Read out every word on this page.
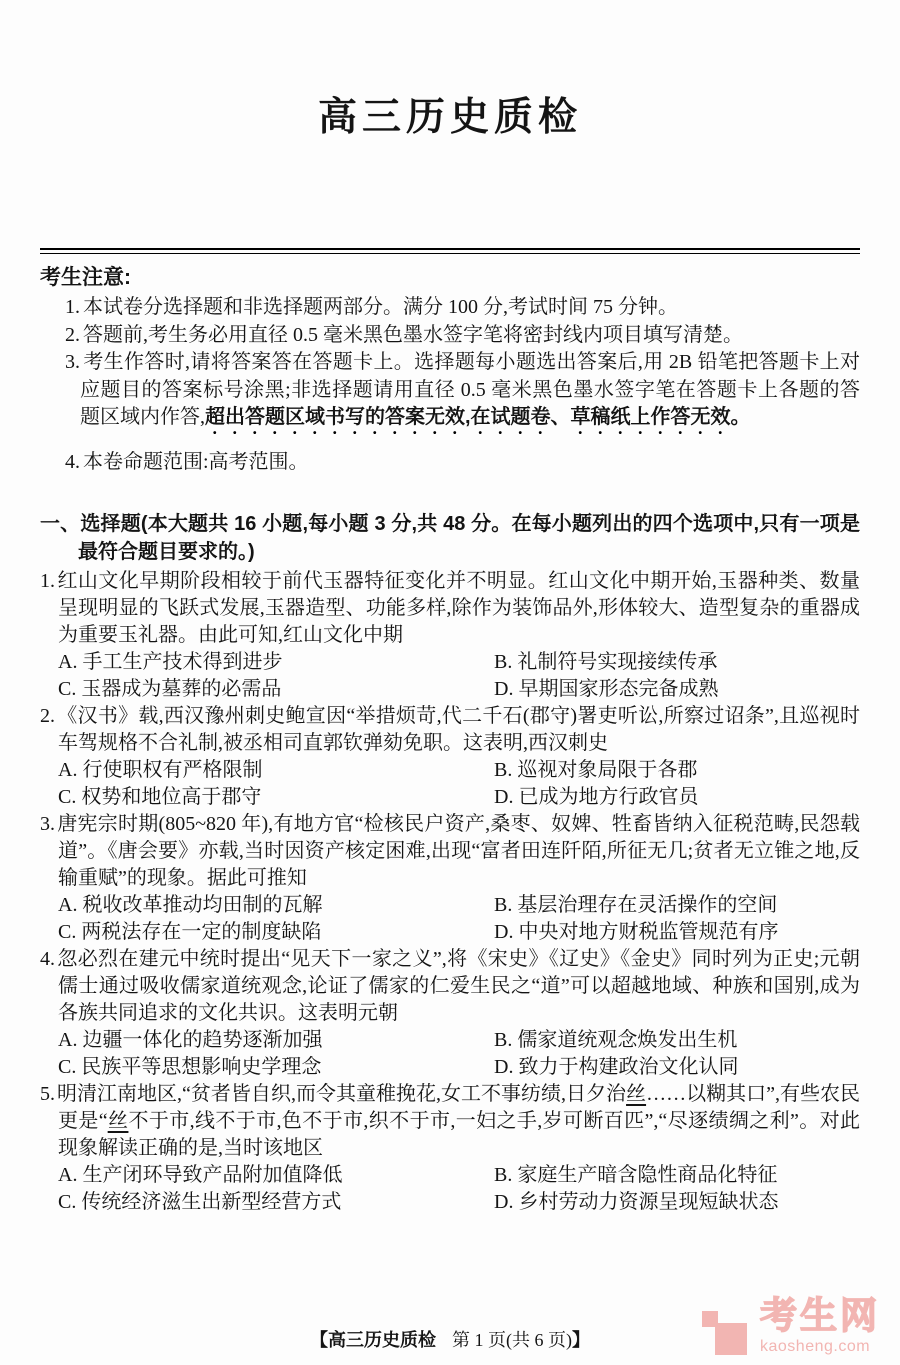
高三历史质检
考生注意:
1. 本试卷分选择题和非选择题两部分。满分 100 分,考试时间 75 分钟。
2. 答题前,考生务必用直径 0.5 毫米黑色墨水签字笔将密封线内项目填写清楚。
3. 考生作答时,请将答案答在答题卡上。选择题每小题选出答案后,用 2B 铅笔把答题卡上对应题目的答案标号涂黑;非选择题请用直径 0.5 毫米黑色墨水签字笔在答题卡上各题的答题区域内作答,超出答题区域书写的答案无效,在试题卷、草稿纸上作答无效。
4. 本卷命题范围:高考范围。
一、选择题(本大题共 16 小题,每小题 3 分,共 48 分。在每小题列出的四个选项中,只有一项是最符合题目要求的。)
1. 红山文化早期阶段相较于前代玉器特征变化并不明显。红山文化中期开始,玉器种类、数量呈现明显的飞跃式发展,玉器造型、功能多样,除作为装饰品外,形体较大、造型复杂的重器成为重要玉礼器。由此可知,红山文化中期
A. 手工生产技术得到进步	B. 礼制符号实现接续传承
C. 玉器成为墓葬的必需品	D. 早期国家形态完备成熟
2. 《汉书》载,西汉豫州刺史鲍宣因“举措烦苛,代二千石(郡守)署吏听讼,所察过诏条”,且巡视时车驾规格不合礼制,被丞相司直郭钦弹劾免职。这表明,西汉刺史
A. 行使职权有严格限制	B. 巡视对象局限于各郡
C. 权势和地位高于郡守	D. 已成为地方行政官员
3. 唐宪宗时期(805~820 年),有地方官“检核民户资产,桑枣、奴婢、牲畜皆纳入征税范畴,民怨载道”。《唐会要》亦载,当时因资产核定困难,出现“富者田连阡陌,所征无几;贫者无立锥之地,反输重赋”的现象。据此可推知
A. 税收改革推动均田制的瓦解	B. 基层治理存在灵活操作的空间
C. 两税法存在一定的制度缺陷	D. 中央对地方财税监管规范有序
4. 忽必烈在建元中统时提出“见天下一家之义”,将《宋史》《辽史》《金史》同时列为正史;元朝儒士通过吸收儒家道统观念,论证了儒家的仁爱生民之“道”可以超越地域、种族和国别,成为各族共同追求的文化共识。这表明元朝
A. 边疆一体化的趋势逐渐加强	B. 儒家道统观念焕发出生机
C. 民族平等思想影响史学理念	D. 致力于构建政治文化认同
5. 明清江南地区,“贫者皆自织,而令其童稚挽花,女工不事纺绩,日夕治丝……以糊其口”,有些农民更是“丝不于市,线不于市,色不于市,织不于市,一妇之手,岁可断百匹”,“尽逐绩绸之利”。对此现象解读正确的是,当时该地区
A. 生产闭环导致产品附加值降低	B. 家庭生产暗含隐性商品化特征
C. 传统经济滋生出新型经营方式	D. 乡村劳动力资源呈现短缺状态
【高三历史质检 第 1 页(共 6 页)】
考生网
kaosheng.com
